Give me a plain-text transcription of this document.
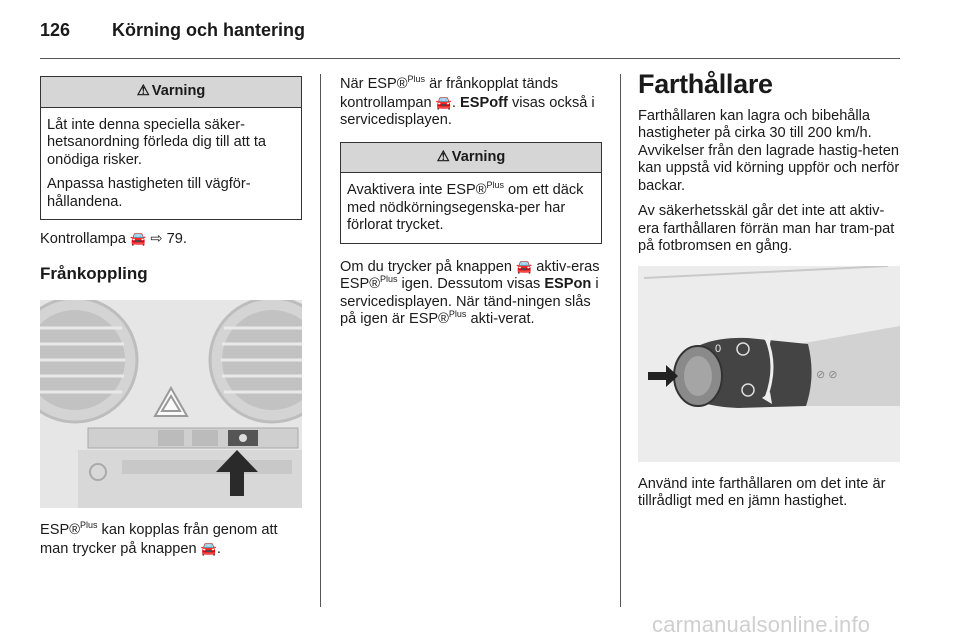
126 Körning och hantering
⚠ Varning

Låt inte denna speciella säker-hetsanordning förleda dig till att ta onödiga risker.

Anpassa hastigheten till vägför-hållandena.

Kontrollampa 🚘 ⇨ 79.

Frånkoppling

ESP®$^{Plus}$ kan kopplas från genom att man trycker på knappen 🚘.

När ESP®$^{Plus}$ är frånkopplat tänds kontrollampan 🚘. ESPoff visas också i servicedisplayen.

⚠ Varning

Avaktivera inte ESP®$^{Plus}$ om ett däck med nödkörningsegenska-per har förlorat trycket.

Om du trycker på knappen 🚘 aktiv-eras ESP®$^{Plus}$ igen. Dessutom visas ESPon i servicedisplayen. När tänd-ningen slås på igen är ESP®$^{Plus}$ akti-verat.

Farthållare

Farthållaren kan lagra och bibehålla hastigheter på cirka 30 till 200 km/h. Avvikelser från den lagrade hastig-heten kan uppstå vid körning uppför och nerför backar.

Av säkerhetsskäl går det inte att aktiv-era farthållaren förrän man har tram-pat på fotbromsen en gång.

0
⊘ ⊘

Använd inte farthållaren om det inte är tillrådligt med en jämn hastighet.

carmanualsonline.info
